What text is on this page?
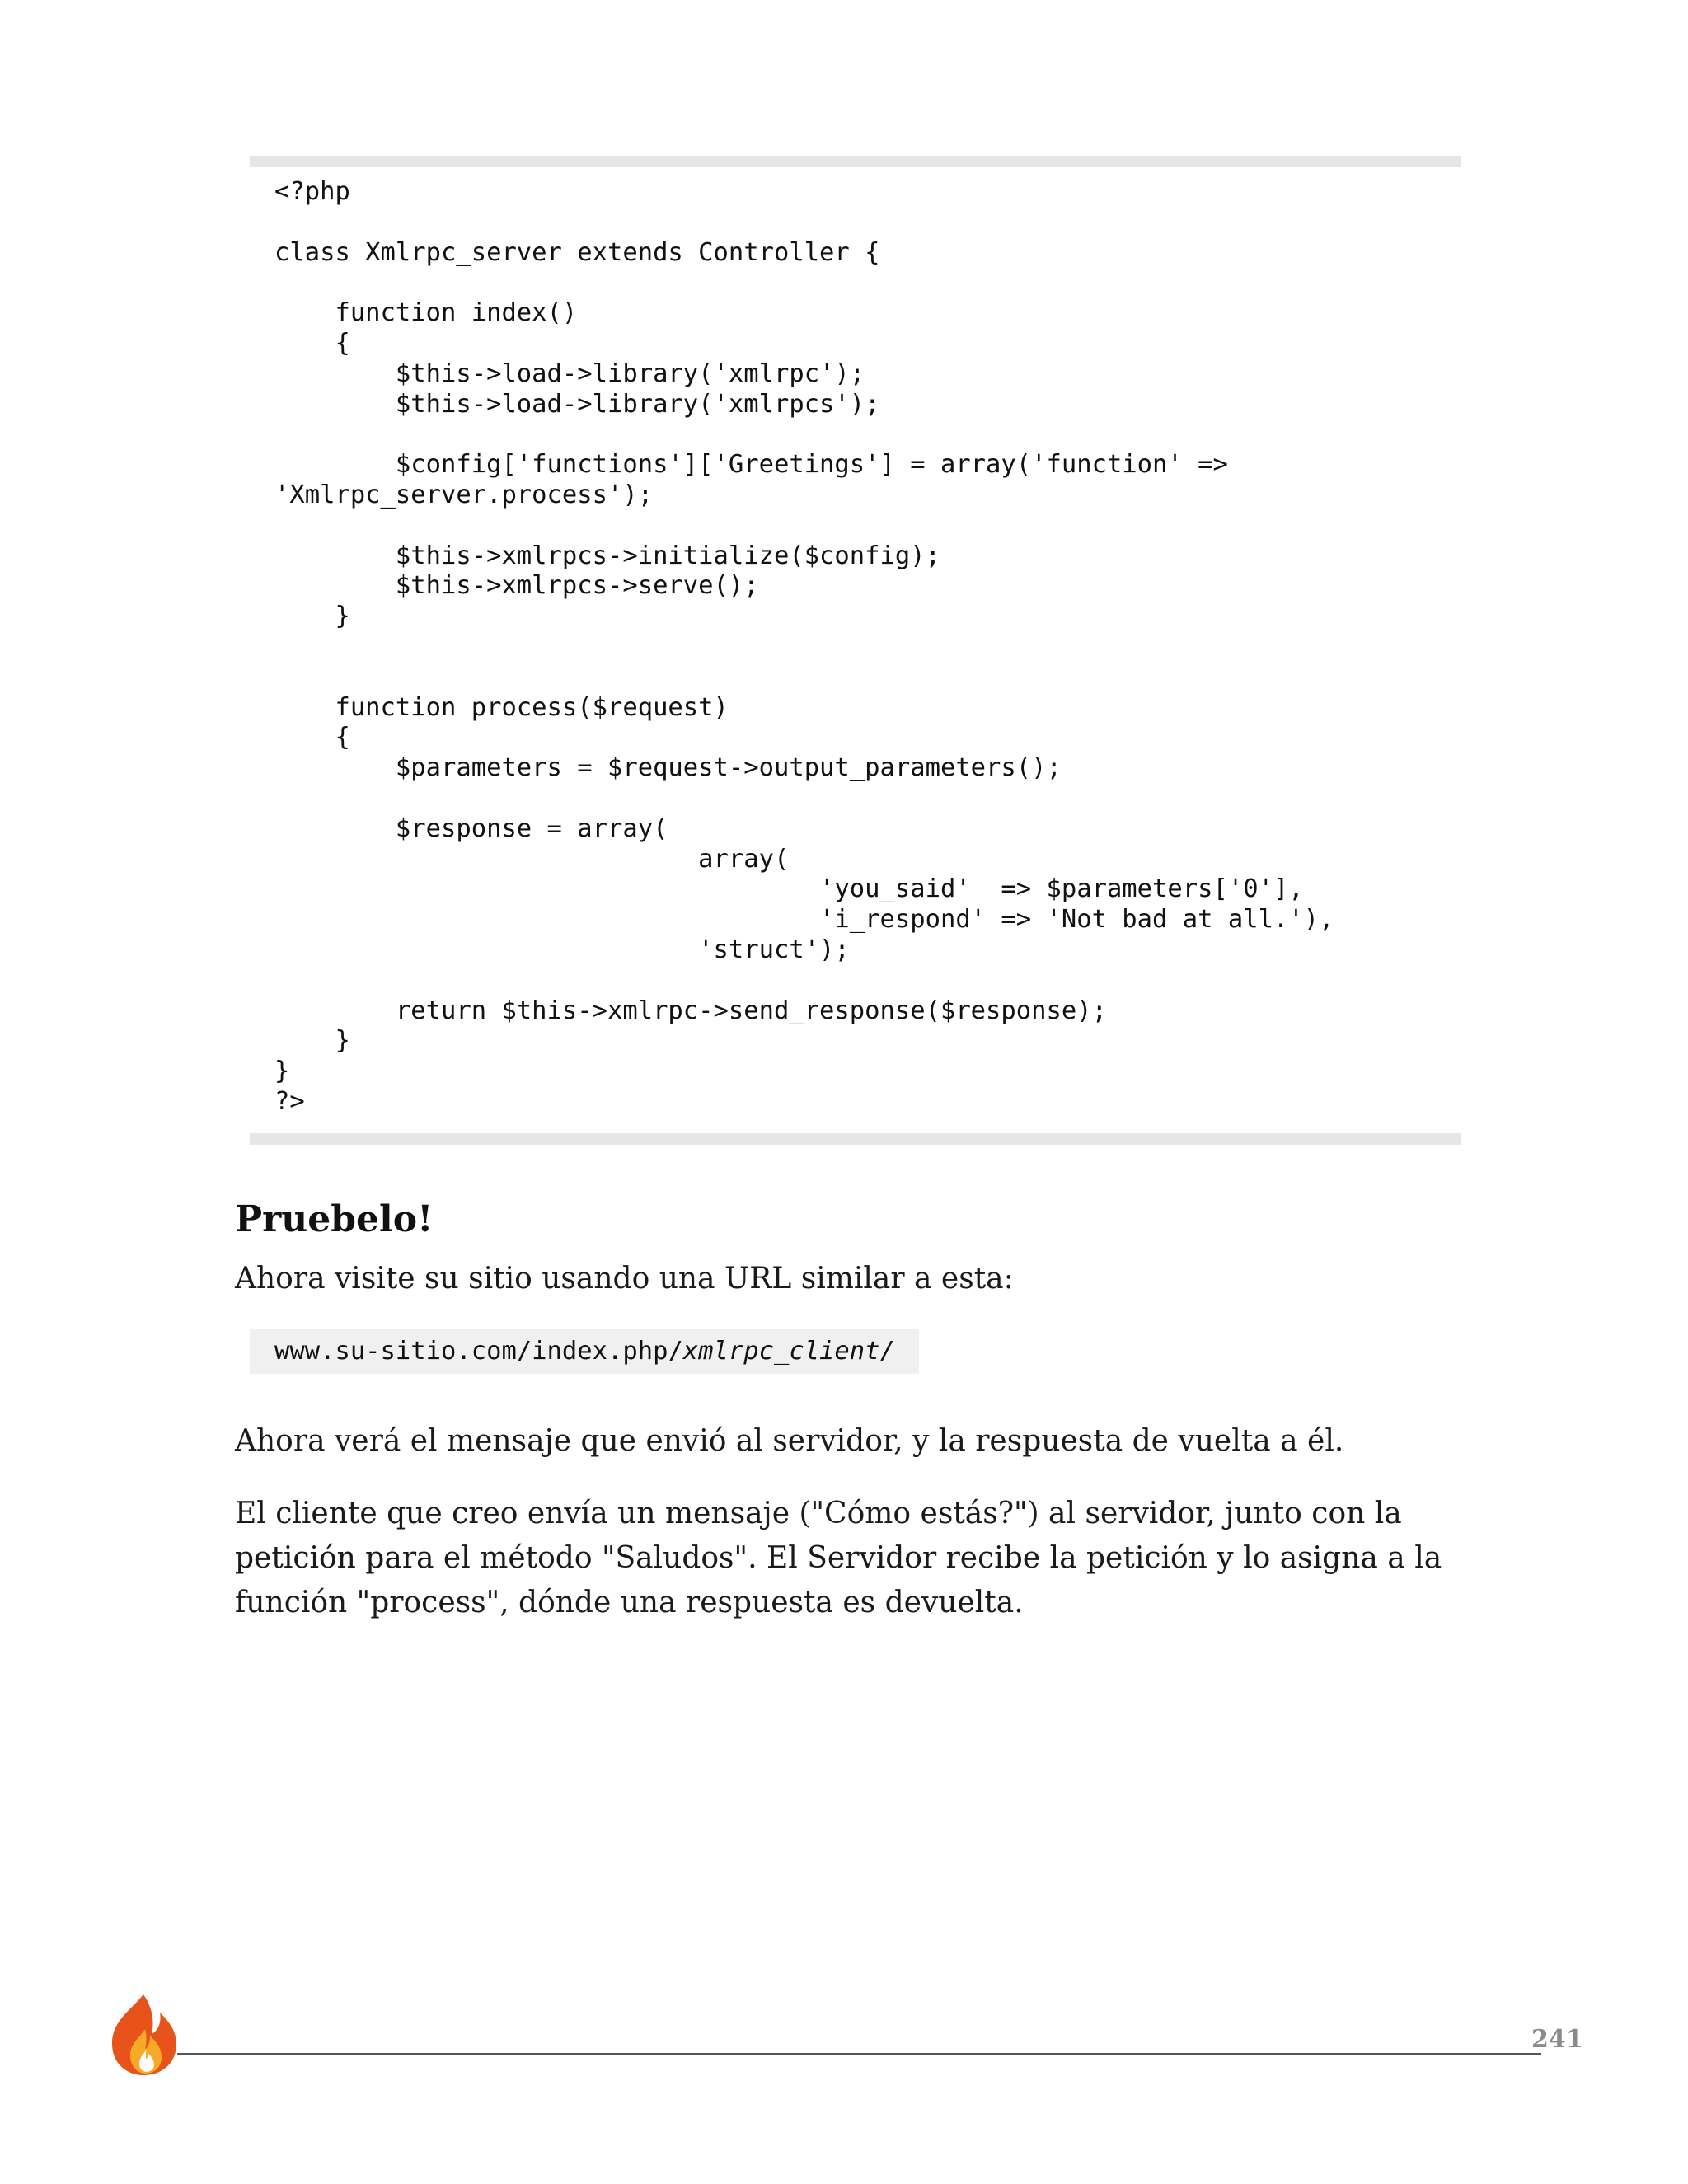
<?php

class Xmlrpc_server extends Controller {

function index()
{
$this->load->library('xmlrpc');
$this->load->library('xmlrpcs');

$config['functions']['Greetings'] = array('function' =>
'Xmlrpc_server.process');

$this->xmlrpcs->initialize($config);
$this->xmlrpcs->serve();
}

function process($request)
{
$parameters = $request->output_parameters();

$response = array(
array(
'you_said'  => $parameters['0'],
'i_respond' => 'Not bad at all.'),
'struct');

return $this->xmlrpc->send_response($response);
}
}
?>
Pruebelo!

Ahora visite su sitio usando una URL similar a esta:

www.su-sitio.com/index.php/xmlrpc_client/

Ahora verá el mensaje que envió al servidor, y la respuesta de vuelta a él.

El cliente que creo envía un mensaje ("Cómo estás?") al servidor, junto con la petición para el método "Saludos". El Servidor recibe la petición y lo asigna a la función "process", dónde una respuesta es devuelta.

241
